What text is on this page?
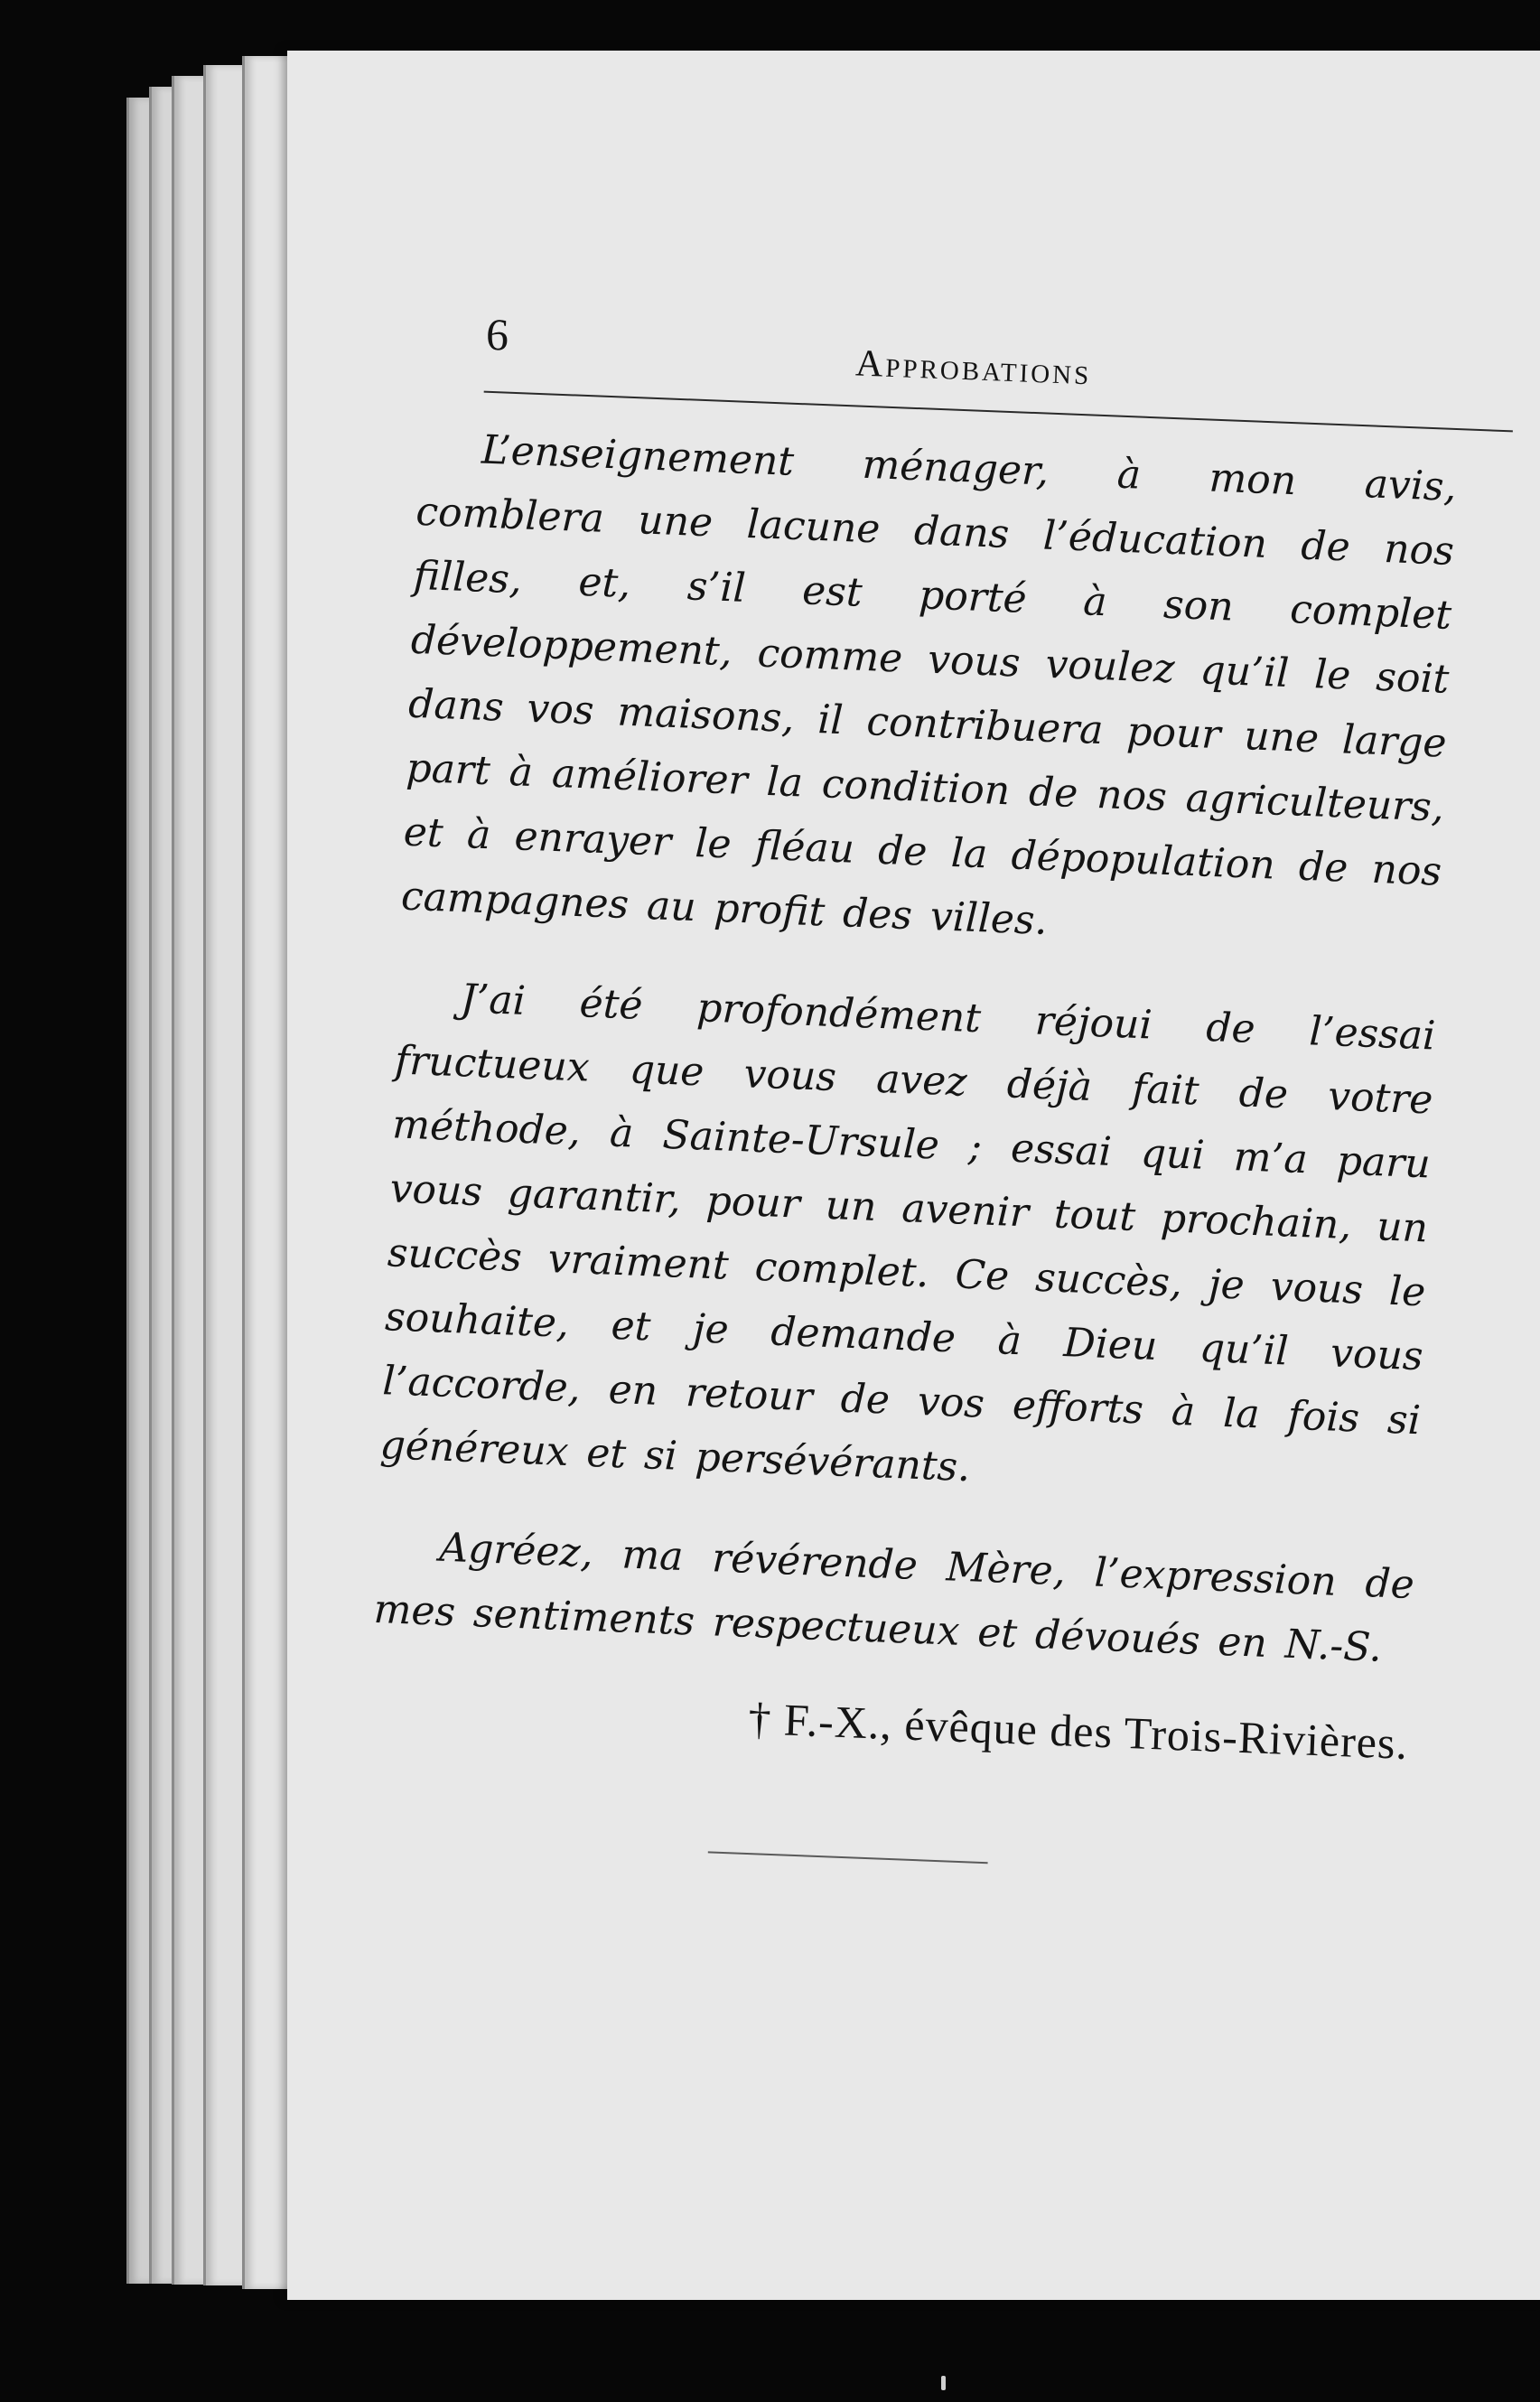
6
Approbations

L’enseignement ménager, à mon avis, comblera une lacune dans l’éducation de nos filles, et, s’il est porté à son complet développement, comme vous voulez qu’il le soit dans vos maisons, il contribuera pour une large part à améliorer la condition de nos agriculteurs, et à enrayer le fléau de la dépopulation de nos campagnes au profit des villes.

J’ai été profondément réjoui de l’essai fructueux que vous avez déjà fait de votre méthode, à Sainte-Ursule ; essai qui m’a paru vous garantir, pour un avenir tout prochain, un succès vraiment complet. Ce succès, je vous le souhaite, et je demande à Dieu qu’il vous l’accorde, en retour de vos efforts à la fois si généreux et si persévérants.

Agréez, ma révérende Mère, l’expression de mes sentiments respectueux et dévoués en N.-S.

† F.-X., évêque des Trois-Rivières.
